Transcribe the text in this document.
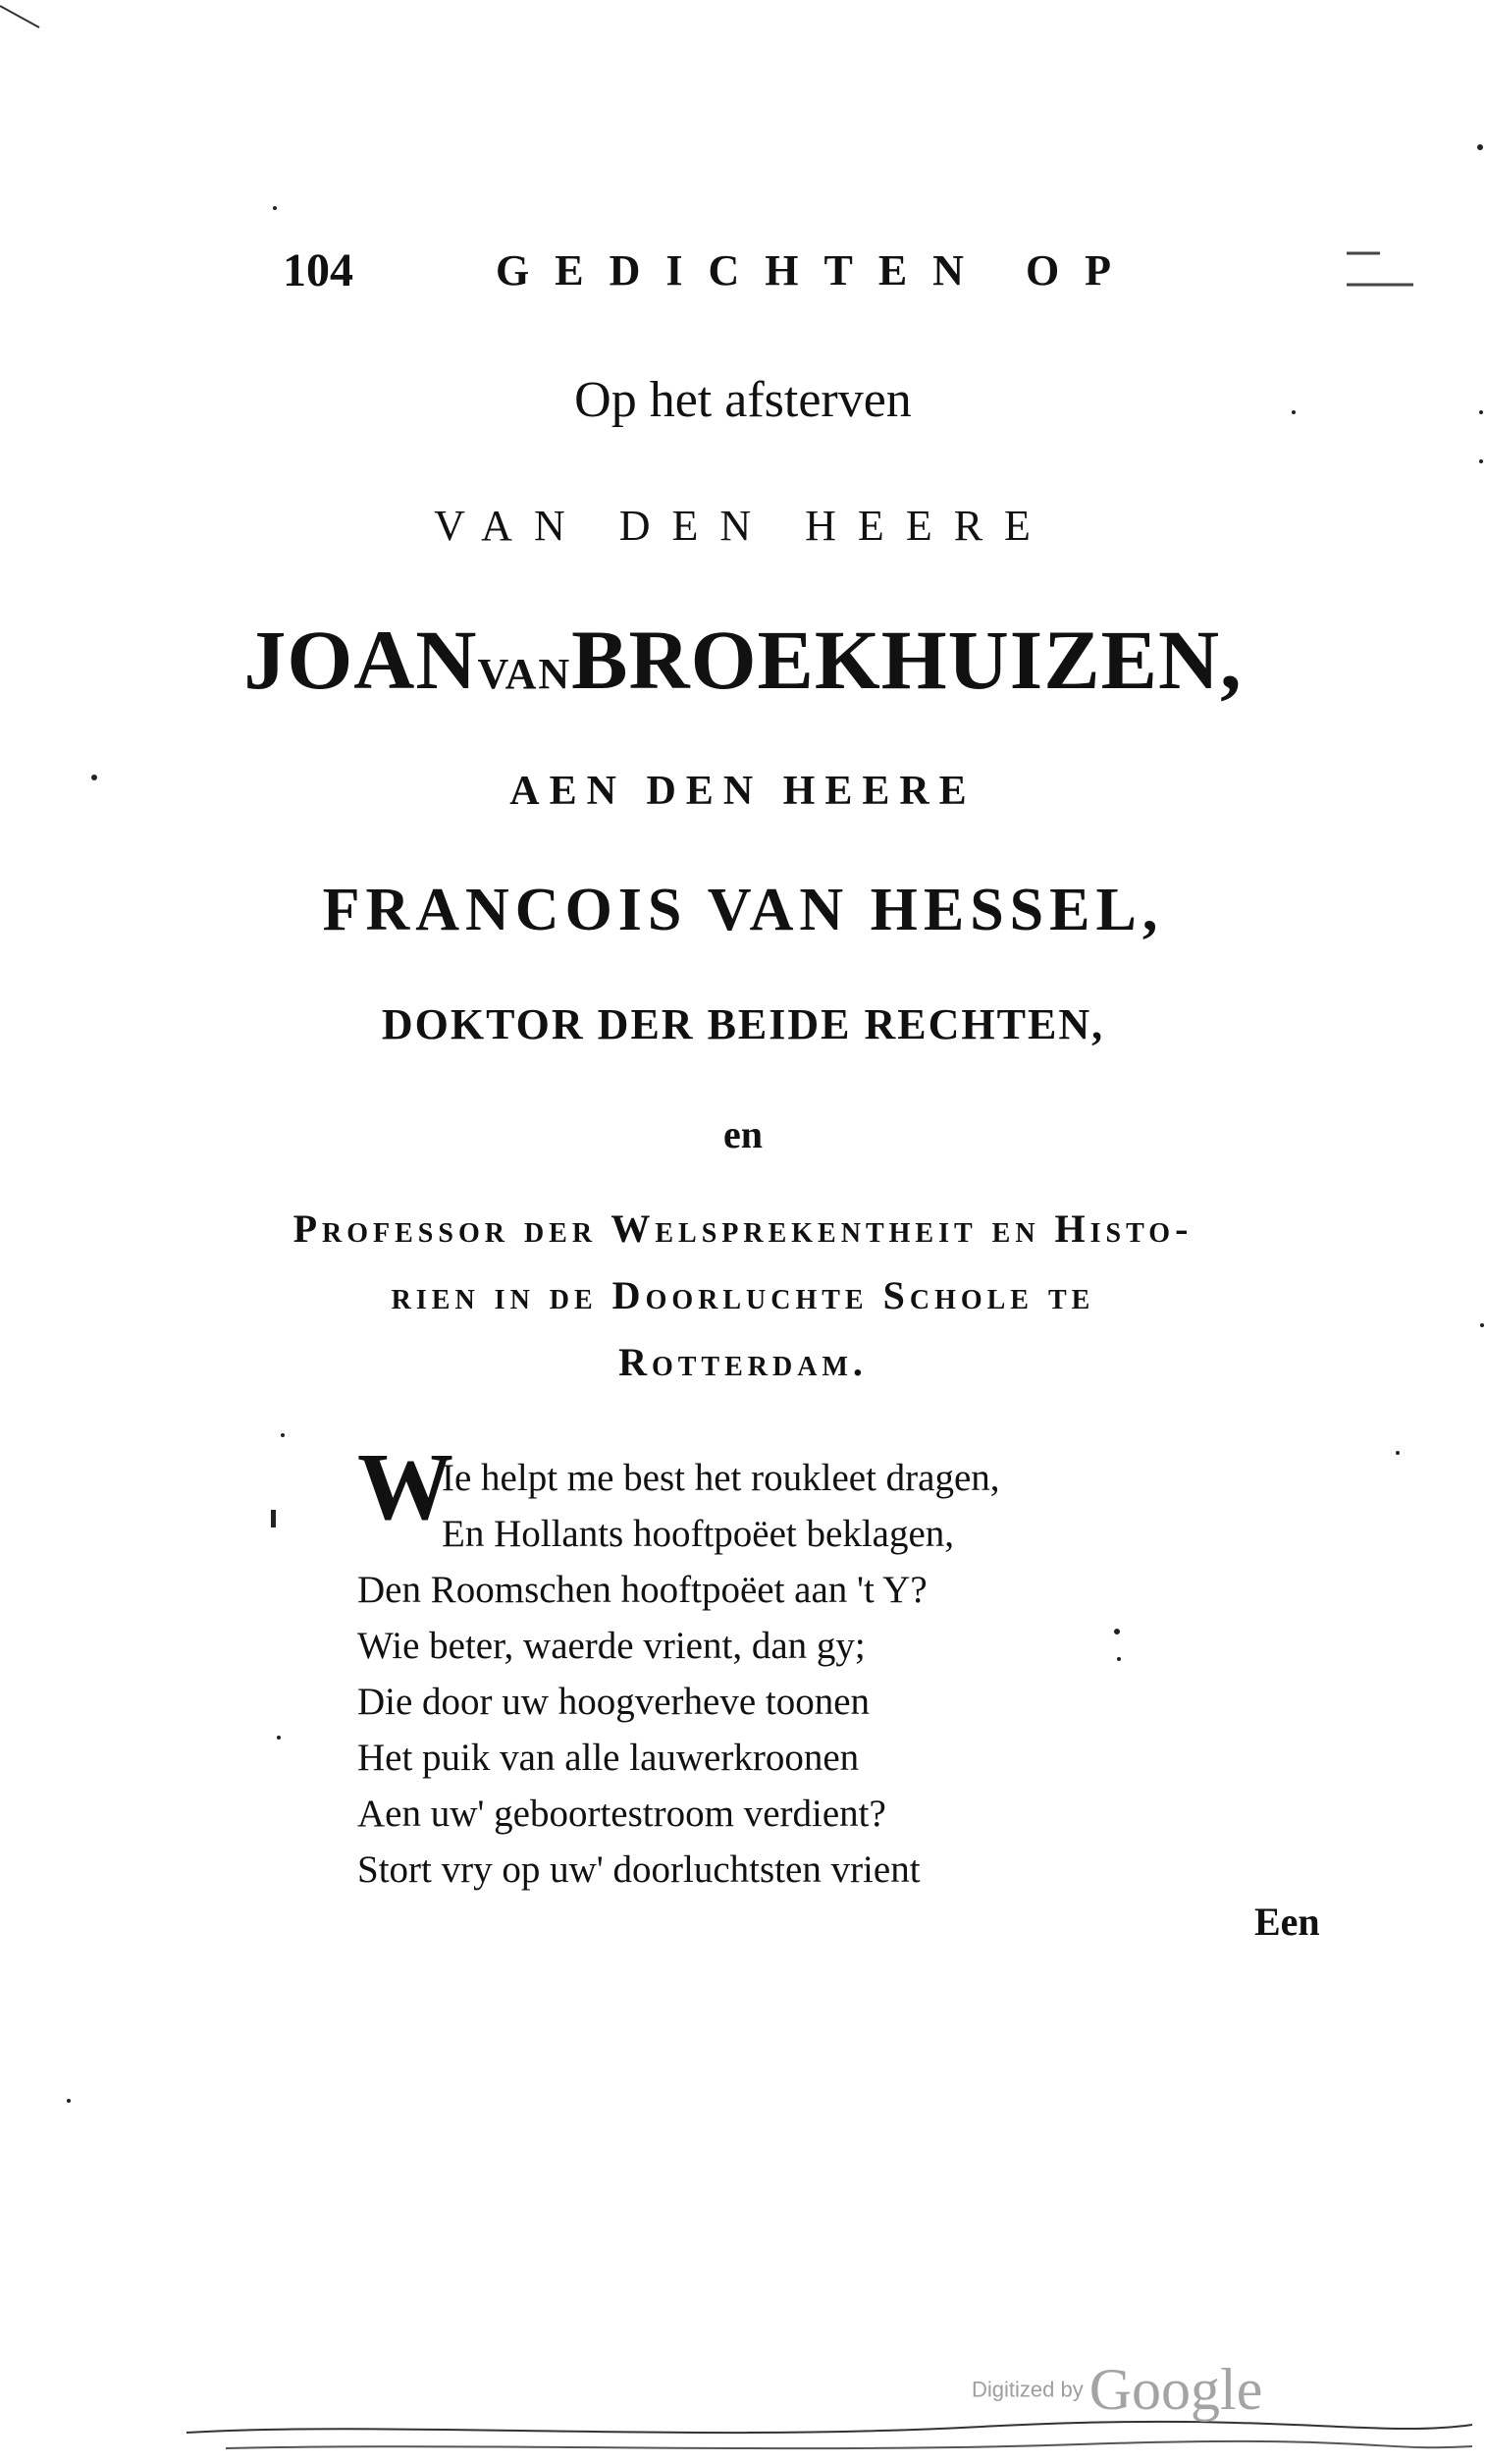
104	GEDICHTEN OP

Op het afsterven

VAN DEN HEERE

JOANVANBROEKHUIZEN,

AEN DEN HEERE

FRANCOIS VAN HESSEL,

DOKTOR DER BEIDE RECHTEN,

en

Professor der Welsprekentheit en Histo-

rien in de Doorluchte Schole te

Rotterdam.

W

Ie helpt me best het roukleet dragen,

En Hollants hooftpoëet beklagen,

Den Roomschen hooftpoëet aan 't Y?

Wie beter, waerde vrient, dan gy;

Die door uw hoogverheve toonen

Het puik van alle lauwerkroonen

Aen uw' geboortestroom verdient?

Stort vry op uw' doorluchtsten vrient

Een

Digitized by Google
